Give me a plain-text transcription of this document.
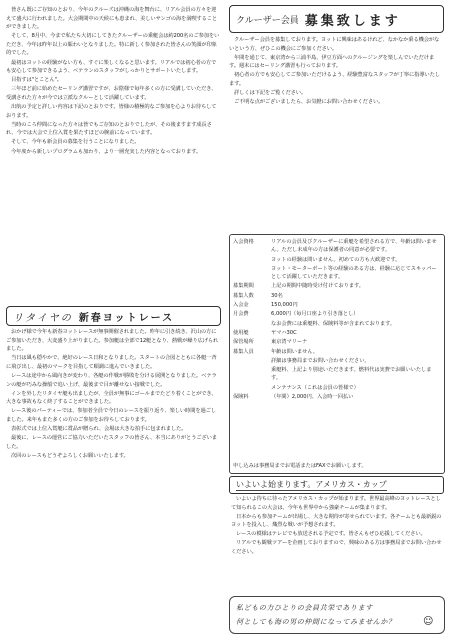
皆さん既にご存知のとおり、今年のクルーズは沖縄の海を舞台に、リアル会員の方々を迎えて盛大に行われました。大会期間中の天候にも恵まれ、美しいサンゴの海を満喫することができました。

そして、8月中、今まで私たち大切にしてきたクルーザーの乗艇会は約200名のご参加をいただき、今年は昨年以上の賑わいとなりました。特に新しく参加された皆さんの笑顔が印象的でした。

最初はヨットの経験がない方も、すぐに楽しくなると思います。リアルでは初心者の方でも安心して参加できるよう、ベテランのスタッフがしっかりとサポートいたします。

目指すは"とことん"。

三年ほど前に始めたセーリング講習ですが、お陰様で毎年多くの方に受講していただき、受講された方々が今では立派なクルーとして活躍しています。

出航の予定と詳しい内容は下記のとおりです。皆様の積極的なご参加を心よりお待ちしております。

当時のころ仲間になった方々は皆でもご存知のとおりでしたが、その後ますます成長され、今では大会で上位入賞を果たすほどの腕前になっています。

そして、今年も新会員の募集を行うことになりました。

今年度から新しいプログラムも加わり、より一層充実した内容となっております。

リタイヤの 新春ヨットレース

おかげ様で今年も新春ヨットレースが無事開催されました。昨年に引き続き、沢山の方にご参加いただき、大変盛り上がりました。参加艇は全部で12艇となり、熱戦が繰り広げられました。

当日は風も穏やかで、絶好のレース日和となりました。スタートの合図とともに各艇一斉に飛び出し、最初のマークを目指して順調に進んでいきました。

レースは途中から風向きが変わり、各艇の作戦が勝敗を分ける展開となりました。ベテランの艇が巧みな操船で追い上げ、最後まで目が離せない接戦でした。

インを外したリタイヤ艇も出ましたが、全員が無事にゴールまでたどり着くことができ、大きな事故もなく終了することができました。

レース後のパーティーでは、参加者全員で今日のレースを振り返り、楽しい時間を過ごしました。来年もまた多くの方のご参加をお待ちしております。

表彰式では上位入賞艇に賞品が贈られ、会場は大きな拍手に包まれました。

最後に、レースの運営にご協力いただいたスタッフの皆さん、本当にありがとうございました。

次回のレースもどうぞよろしくお願いいたします。

クルーザー会員 募集致します

クルーザー会員を募集しております。ヨットに興味はあるけれど、なかなか乗る機会がないという方、ぜひこの機会にご参加ください。

年間を通じて、東京湾から三浦半島、伊豆方面へのクルージングを楽しんでいただけます。週末にはセーリング講習も行っております。

初心者の方でも安心してご参加いただけるよう、経験豊富なスタッフが丁寧に指導いたします。

詳しくは下記をご覧ください。

ご不明な点がございましたら、お気軽にお問い合わせください。

入会資格	リアルの会員及びクルーザーに乗艇を希望される方で、年齢は問いません。ただし未成年の方は保護者の同意が必要です。
ヨットの経験は問いません。初めての方も大歓迎です。
ヨット・モーターボート等の経験のある方は、経験に応じてスキッパーとして活躍していただきます。
募集期間	上記の期間中随時受け付けております。
募集人数	30名
入会金	150,000円
月会費	6,000円（毎月口座より引き落とし）
なお会費には乗艇料、保険料等が含まれております。
使用艇	ヤマハ30C
保管場所	東京湾マリーナ
募集人員	年齢は問いません。
詳細は事務局までお問い合わせください。
乗艇料、上記より別途いただきます。燃料代は実費でお願いいたします。
メンテナンス（これは会員の皆様で）
保険料	（年間）2,000円、入会時一回払い
申し込みは事務局までお電話またはFAXでお願いします。
いよいよ始まります。アメリカス・カップ

いよいよ待ちに待ったアメリカス・カップが始まります。世界最高峰のヨットレースとして知られるこの大会は、今年も世界中から強豪チームが集まります。

日本からも参加チームが出場し、大きな期待が寄せられています。各チームとも最新鋭のヨットを投入し、熾烈な戦いが予想されます。

レースの模様はテレビでも放送される予定です。皆さんもぜひ応援してください。

リアルでも観戦ツアーを企画しておりますので、興味のある方は事務局までお問い合わせください。

私どもの力ひとりの会員共栄であります
何としても海の男の仲間になってみませんか？	☺
